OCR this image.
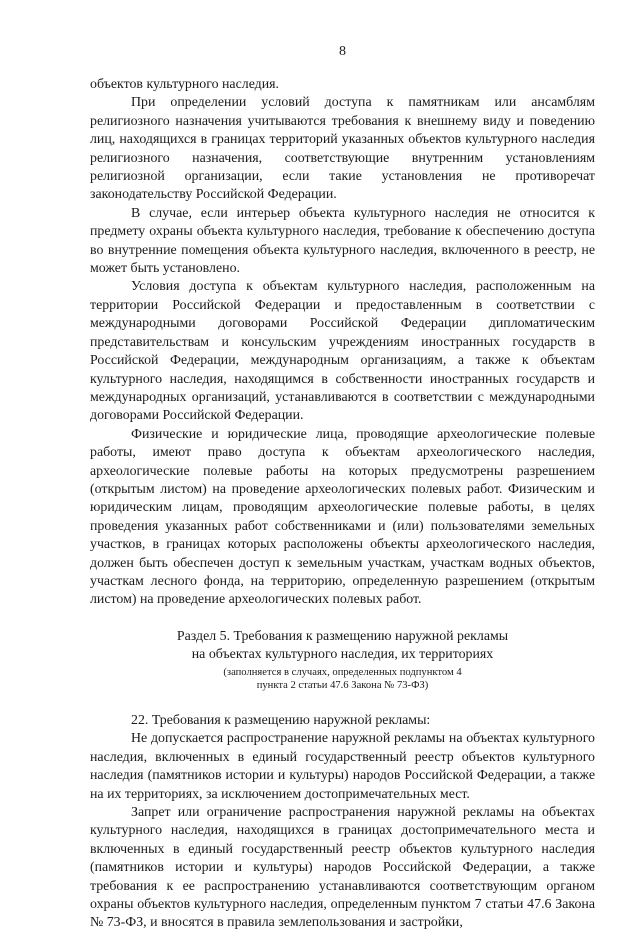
8

объектов культурного наследия.

При определении условий доступа к памятникам или ансамблям религиозного назначения учитываются требования к внешнему виду и поведению лиц, находящихся в границах территорий указанных объектов культурного наследия религиозного назначения, соответствующие внутренним установлениям религиозной организации, если такие установления не противоречат законодательству Российской Федерации.

В случае, если интерьер объекта культурного наследия не относится к предмету охраны объекта культурного наследия, требование к обеспечению доступа во внутренние помещения объекта культурного наследия, включенного в реестр, не может быть установлено.

Условия доступа к объектам культурного наследия, расположенным на территории Российской Федерации и предоставленным в соответствии с международными договорами Российской Федерации дипломатическим представительствам и консульским учреждениям иностранных государств в Российской Федерации, международным организациям, а также к объектам культурного наследия, находящимся в собственности иностранных государств и международных организаций, устанавливаются в соответствии с международными договорами Российской Федерации.

Физические и юридические лица, проводящие археологические полевые работы, имеют право доступа к объектам археологического наследия, археологические полевые работы на которых предусмотрены разрешением (открытым листом) на проведение археологических полевых работ. Физическим и юридическим лицам, проводящим археологические полевые работы, в целях проведения указанных работ собственниками и (или) пользователями земельных участков, в границах которых расположены объекты археологического наследия, должен быть обеспечен доступ к земельным участкам, участкам водных объектов, участкам лесного фонда, на территорию, определенную разрешением (открытым листом) на проведение археологических полевых работ.

Раздел 5. Требования к размещению наружной рекламы
на объектах культурного наследия, их территориях
(заполняется в случаях, определенных подпунктом 4
пункта 2 статьи 47.6 Закона № 73-ФЗ)

22. Требования к размещению наружной рекламы:

Не допускается распространение наружной рекламы на объектах культурного наследия, включенных в единый государственный реестр объектов культурного наследия (памятников истории и культуры) народов Российской Федерации, а также на их территориях, за исключением достопримечательных мест.

Запрет или ограничение распространения наружной рекламы на объектах культурного наследия, находящихся в границах достопримечательного места и включенных в единый государственный реестр объектов культурного наследия (памятников истории и культуры) народов Российской Федерации, а также требования к ее распространению устанавливаются соответствующим органом охраны объектов культурного наследия, определенным пунктом 7 статьи 47.6 Закона № 73-ФЗ, и вносятся в правила землепользования и застройки,
